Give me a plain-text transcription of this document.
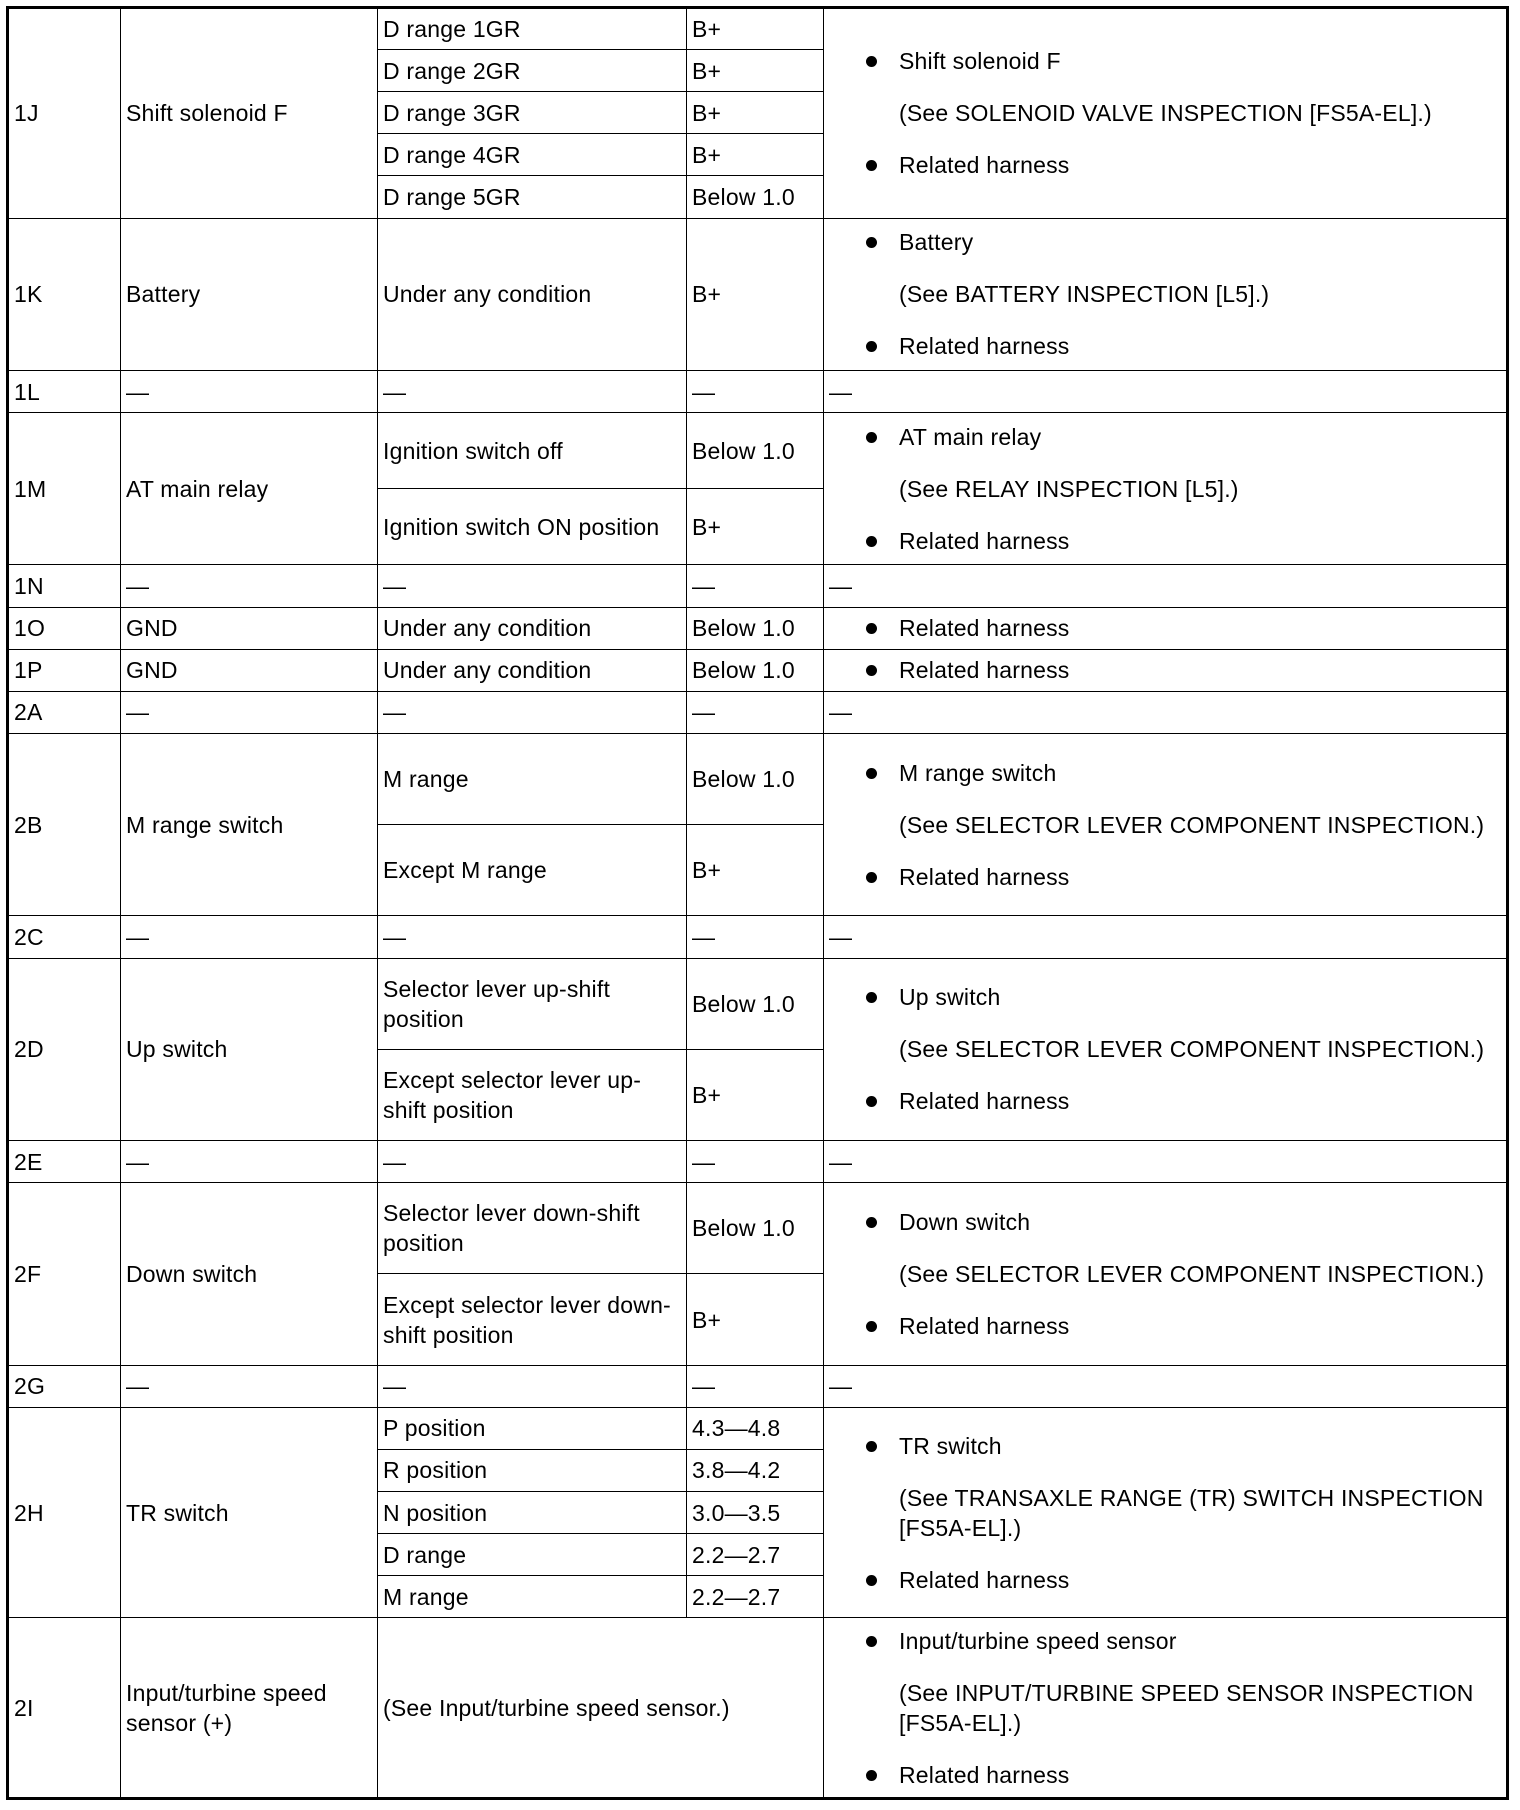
1J	Shift solenoid F	D range 1GR	B+	Shift solenoid F
(See SOLENOID VALVE INSPECTION [FS5A-EL].)
Related harness

		D range 2GR	B+	
		D range 3GR	B+	
		D range 4GR	B+	
		D range 5GR	Below 1.0	
1K	Battery	Under any condition	B+	Battery
(See BATTERY INSPECTION [L5].)
Related harness

1L	—	—	—	—
1M	AT main relay	Ignition switch off	Below 1.0	AT main relay
(See RELAY INSPECTION [L5].)
Related harness

		Ignition switch ON position	B+	
1N	—	—	—	—
1O	GND	Under any condition	Below 1.0	Related harness

1P	GND	Under any condition	Below 1.0	Related harness

2A	—	—	—	—
2B	M range switch	M range	Below 1.0	M range switch
(See SELECTOR LEVER COMPONENT INSPECTION.)
Related harness

		Except M range	B+	
2C	—	—	—	—
2D	Up switch	Selector lever up-shift position	Below 1.0	Up switch
(See SELECTOR LEVER COMPONENT INSPECTION.)
Related harness

		Except selector lever up-shift position	B+	
2E	—	—	—	—
2F	Down switch	Selector lever down-shift position	Below 1.0	Down switch
(See SELECTOR LEVER COMPONENT INSPECTION.)
Related harness

		Except selector lever down-shift position	B+	
2G	—	—	—	—
2H	TR switch	P position	4.3—4.8	TR switch
(See TRANSAXLE RANGE (TR) SWITCH INSPECTION [FS5A-EL].)
Related harness

		R position	3.8—4.2	
		N position	3.0—3.5	
		D range	2.2—2.7	
		M range	2.2—2.7	
2I	Input/turbine speed sensor (+)	(See Input/turbine speed sensor.)		Input/turbine speed sensor
(See INPUT/TURBINE SPEED SENSOR INSPECTION [FS5A-EL].)
Related harness
